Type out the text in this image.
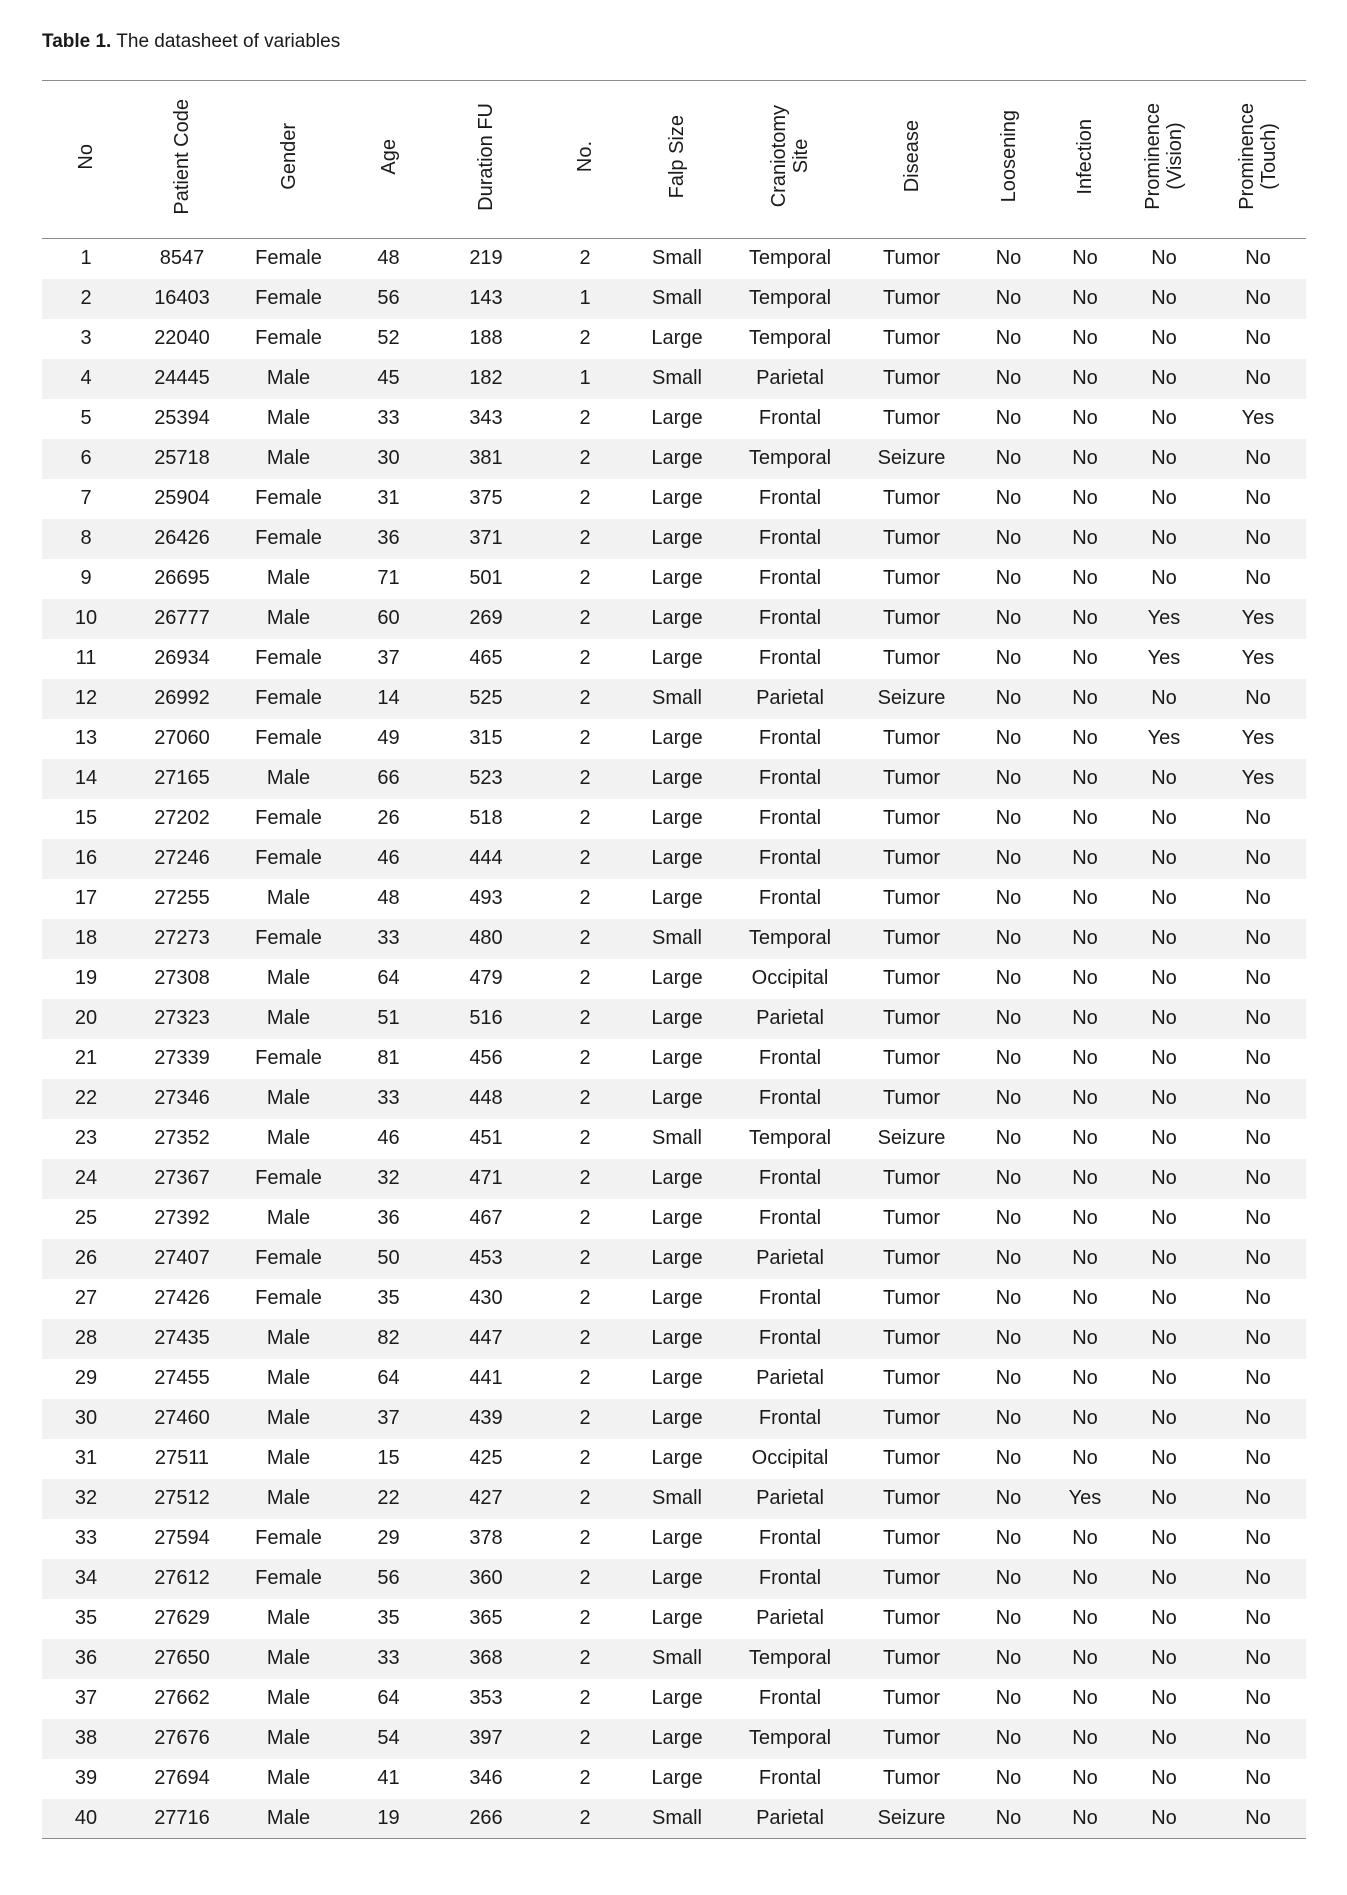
Table 1. The datasheet of variables
No	Patient Code	Gender	Age	Duration FU	No.	Falp Size	Craniotomy
Site	Disease	Loosening	Infection	Prominence
(Vision)	Prominence
(Touch)
1	8547	Female	48	219	2	Small	Temporal	Tumor	No	No	No	No
2	16403	Female	56	143	1	Small	Temporal	Tumor	No	No	No	No
3	22040	Female	52	188	2	Large	Temporal	Tumor	No	No	No	No
4	24445	Male	45	182	1	Small	Parietal	Tumor	No	No	No	No
5	25394	Male	33	343	2	Large	Frontal	Tumor	No	No	No	Yes
6	25718	Male	30	381	2	Large	Temporal	Seizure	No	No	No	No
7	25904	Female	31	375	2	Large	Frontal	Tumor	No	No	No	No
8	26426	Female	36	371	2	Large	Frontal	Tumor	No	No	No	No
9	26695	Male	71	501	2	Large	Frontal	Tumor	No	No	No	No
10	26777	Male	60	269	2	Large	Frontal	Tumor	No	No	Yes	Yes
11	26934	Female	37	465	2	Large	Frontal	Tumor	No	No	Yes	Yes
12	26992	Female	14	525	2	Small	Parietal	Seizure	No	No	No	No
13	27060	Female	49	315	2	Large	Frontal	Tumor	No	No	Yes	Yes
14	27165	Male	66	523	2	Large	Frontal	Tumor	No	No	No	Yes
15	27202	Female	26	518	2	Large	Frontal	Tumor	No	No	No	No
16	27246	Female	46	444	2	Large	Frontal	Tumor	No	No	No	No
17	27255	Male	48	493	2	Large	Frontal	Tumor	No	No	No	No
18	27273	Female	33	480	2	Small	Temporal	Tumor	No	No	No	No
19	27308	Male	64	479	2	Large	Occipital	Tumor	No	No	No	No
20	27323	Male	51	516	2	Large	Parietal	Tumor	No	No	No	No
21	27339	Female	81	456	2	Large	Frontal	Tumor	No	No	No	No
22	27346	Male	33	448	2	Large	Frontal	Tumor	No	No	No	No
23	27352	Male	46	451	2	Small	Temporal	Seizure	No	No	No	No
24	27367	Female	32	471	2	Large	Frontal	Tumor	No	No	No	No
25	27392	Male	36	467	2	Large	Frontal	Tumor	No	No	No	No
26	27407	Female	50	453	2	Large	Parietal	Tumor	No	No	No	No
27	27426	Female	35	430	2	Large	Frontal	Tumor	No	No	No	No
28	27435	Male	82	447	2	Large	Frontal	Tumor	No	No	No	No
29	27455	Male	64	441	2	Large	Parietal	Tumor	No	No	No	No
30	27460	Male	37	439	2	Large	Frontal	Tumor	No	No	No	No
31	27511	Male	15	425	2	Large	Occipital	Tumor	No	No	No	No
32	27512	Male	22	427	2	Small	Parietal	Tumor	No	Yes	No	No
33	27594	Female	29	378	2	Large	Frontal	Tumor	No	No	No	No
34	27612	Female	56	360	2	Large	Frontal	Tumor	No	No	No	No
35	27629	Male	35	365	2	Large	Parietal	Tumor	No	No	No	No
36	27650	Male	33	368	2	Small	Temporal	Tumor	No	No	No	No
37	27662	Male	64	353	2	Large	Frontal	Tumor	No	No	No	No
38	27676	Male	54	397	2	Large	Temporal	Tumor	No	No	No	No
39	27694	Male	41	346	2	Large	Frontal	Tumor	No	No	No	No
40	27716	Male	19	266	2	Small	Parietal	Seizure	No	No	No	No
